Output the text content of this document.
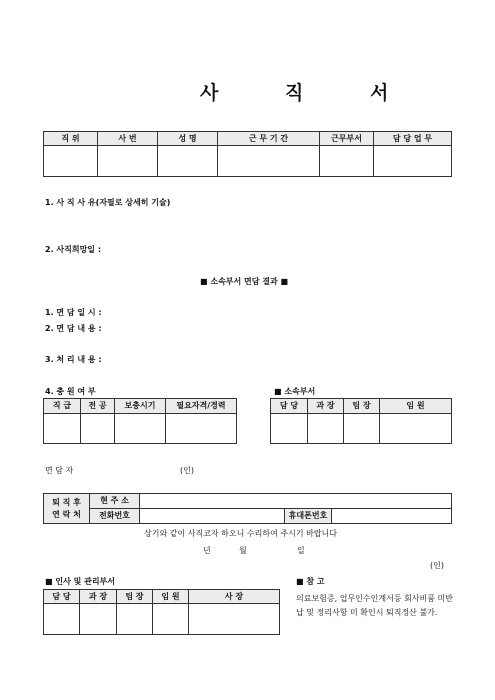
사 직 서
직 위	사 번	성 명	근 무 기 간	근무부서	담 당 업 무

1. 사 직 사 유(자필로 상세히 기술)
2. 사직희망일 :
■ 소속부서 면담 결과 ■
1. 면 담 일 시 :
2. 면 담 내 용 :
3. 처 리 내 용 :
4. 충 원 여 부
직 급	전 공	보충시기	필요자격/경력

■ 소속부서
담 당	과 장	팀 장	임 원

면 담 자	(인)
퇴 직 후
연 락 처	현 주 소			
	전화번호		휴대폰번호	
상기와 같이 사직코자 하오니 수리하여 주시기 바랍니다
년	월	일
(인)
■ 인사 및 관리부서
담 당	과 장	팀 장	임 원	사 장

■ 참 고
의료보험증, 업무인수인계서등 회사비품 미반납 및 정리사항 미 확인시 퇴직정산 불가.
